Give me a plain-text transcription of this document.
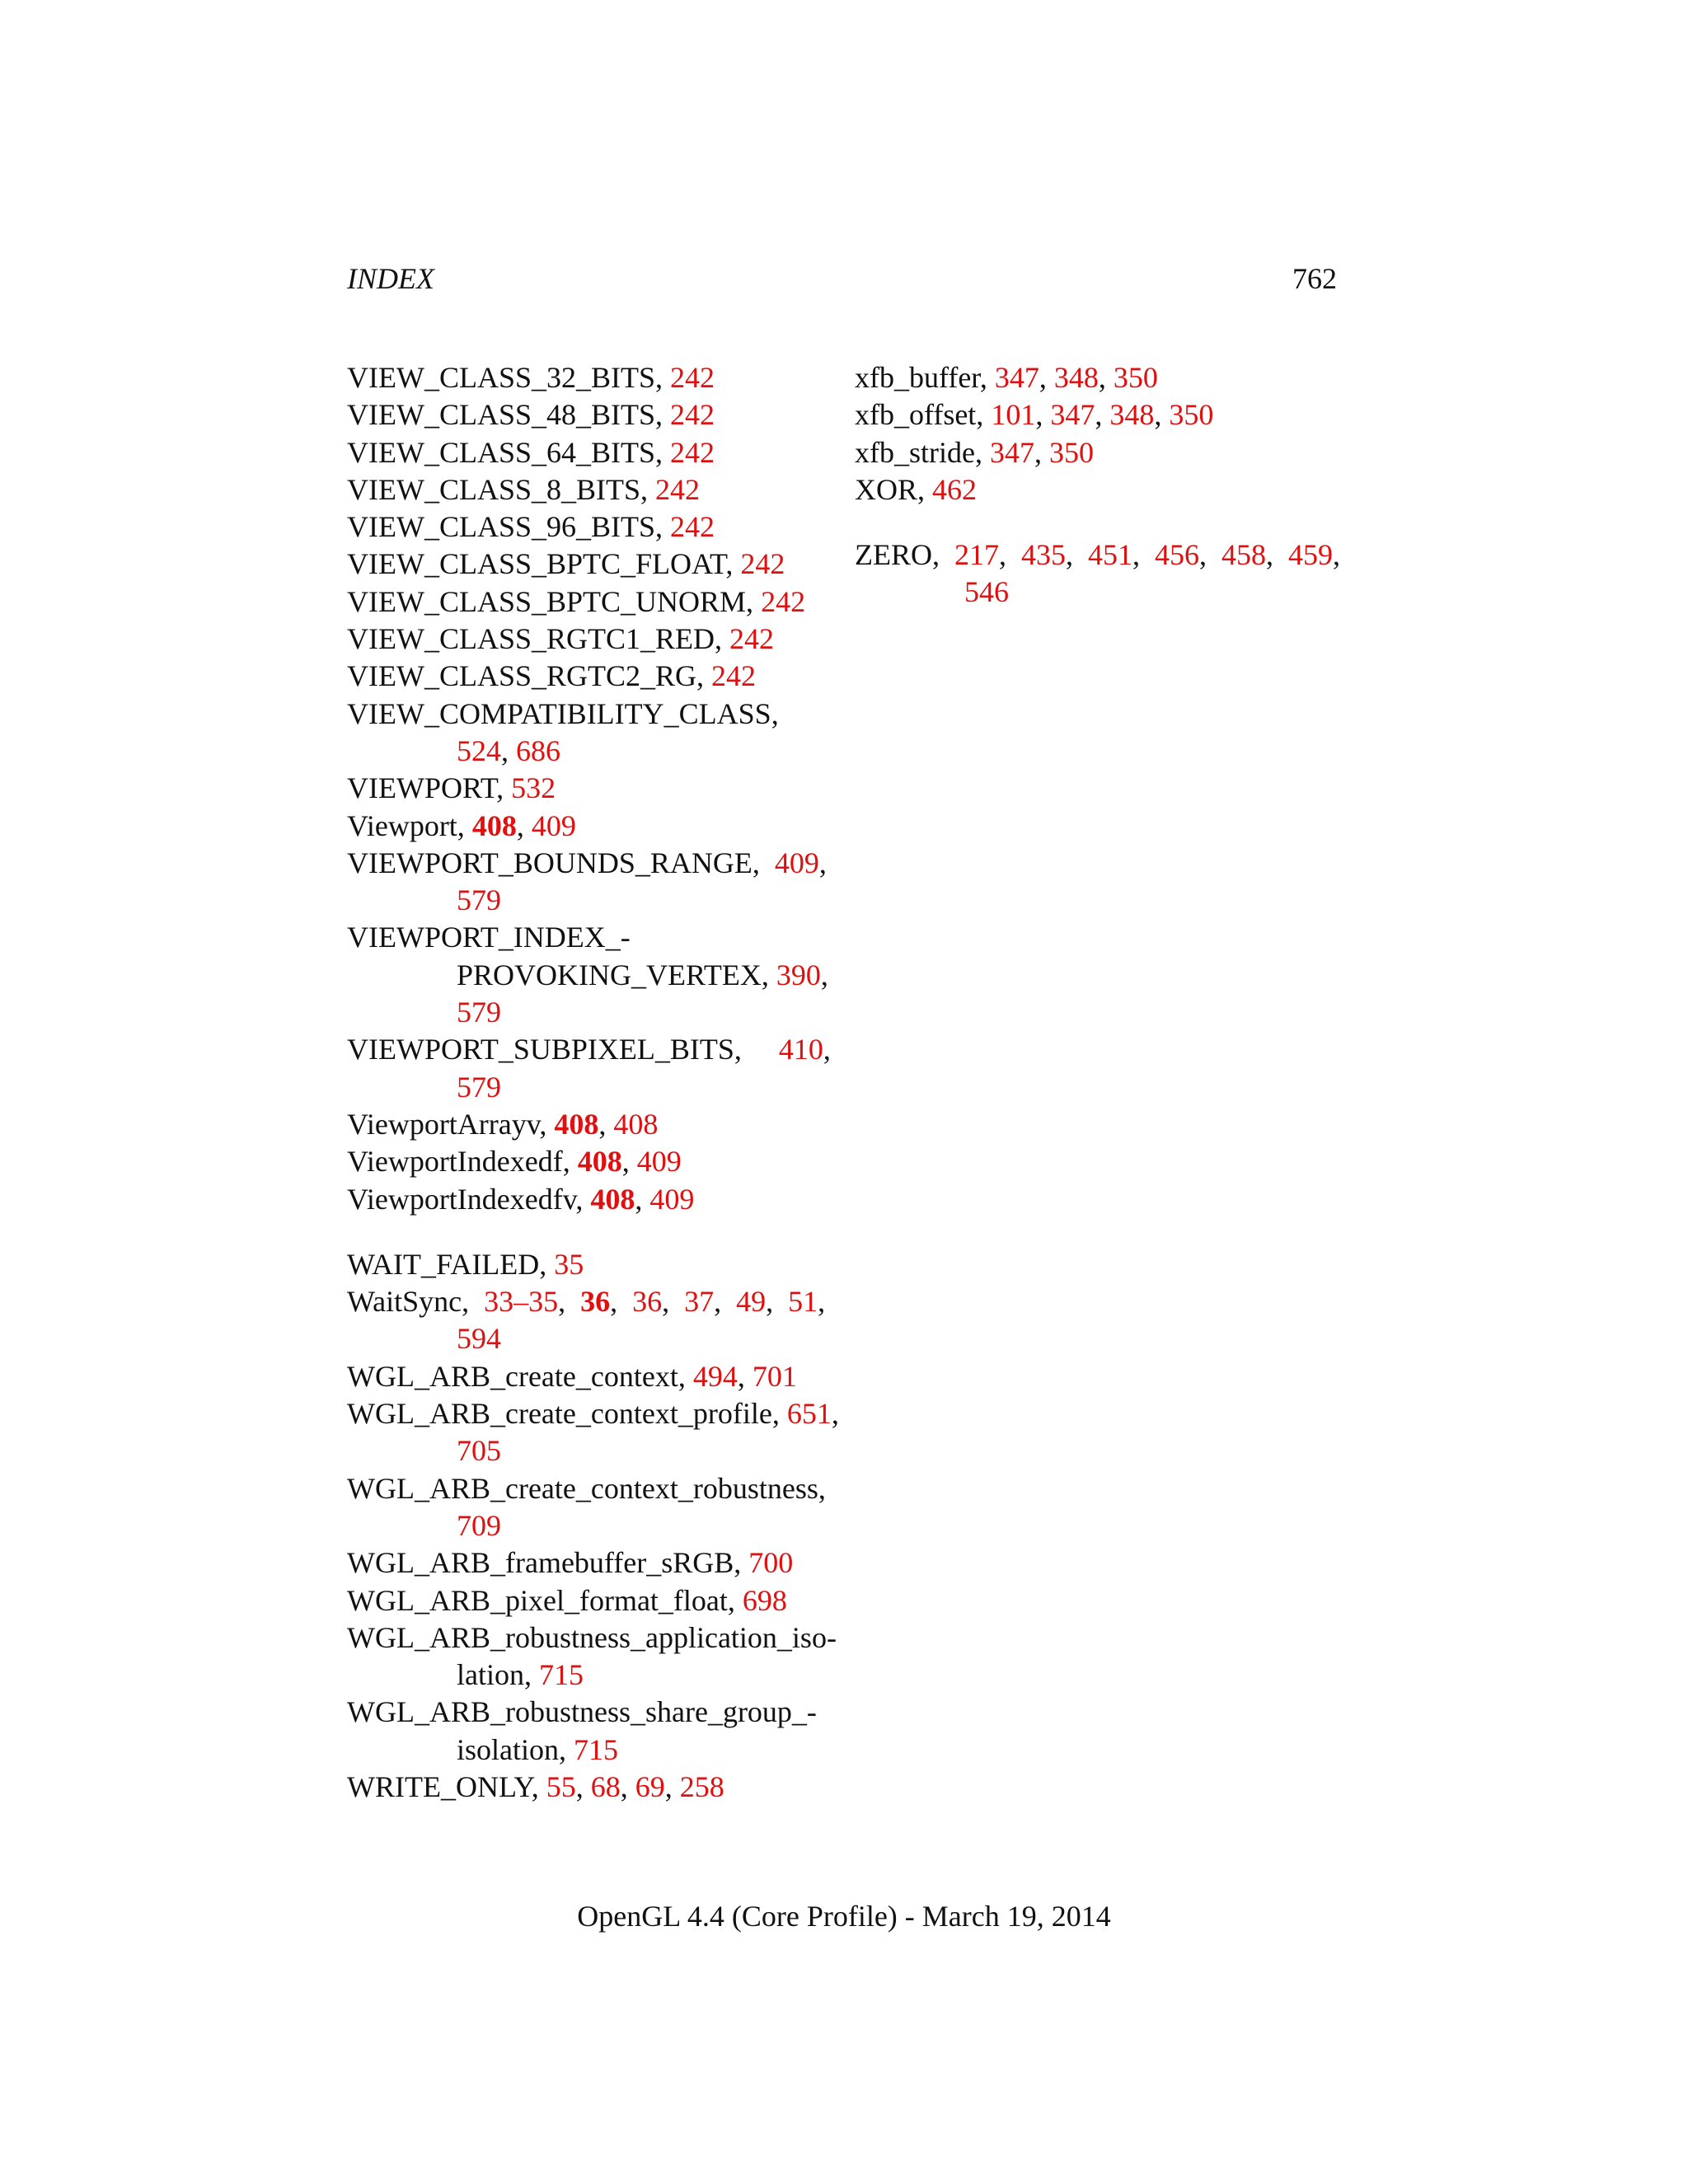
INDEX	762
VIEW_CLASS_32_BITS, 242
VIEW_CLASS_48_BITS, 242
VIEW_CLASS_64_BITS, 242
VIEW_CLASS_8_BITS, 242
VIEW_CLASS_96_BITS, 242
VIEW_CLASS_BPTC_FLOAT, 242
VIEW_CLASS_BPTC_UNORM, 242
VIEW_CLASS_RGTC1_RED, 242
VIEW_CLASS_RGTC2_RG, 242
VIEW_COMPATIBILITY_CLASS,
524, 686
VIEWPORT, 532
Viewport, 408, 409
VIEWPORT_BOUNDS_RANGE,  409,
579
VIEWPORT_INDEX_-
PROVOKING_VERTEX, 390,
579
VIEWPORT_SUBPIXEL_BITS,     410,
579
ViewportArrayv, 408, 408
ViewportIndexedf, 408, 409
ViewportIndexedfv, 408, 409
WAIT_FAILED, 35
WaitSync,  33–35,  36,  36,  37,  49,  51,
594
WGL_ARB_create_context, 494, 701
WGL_ARB_create_context_profile, 651,
705
WGL_ARB_create_context_robustness,
709
WGL_ARB_framebuffer_sRGB, 700
WGL_ARB_pixel_format_float, 698
WGL_ARB_robustness_application_iso-
lation, 715
WGL_ARB_robustness_share_group_-
isolation, 715
WRITE_ONLY, 55, 68, 69, 258
xfb_buffer, 347, 348, 350
xfb_offset, 101, 347, 348, 350
xfb_stride, 347, 350
XOR, 462
ZERO,  217,  435,  451,  456,  458,  459,
546
OpenGL 4.4 (Core Profile) - March 19, 2014
